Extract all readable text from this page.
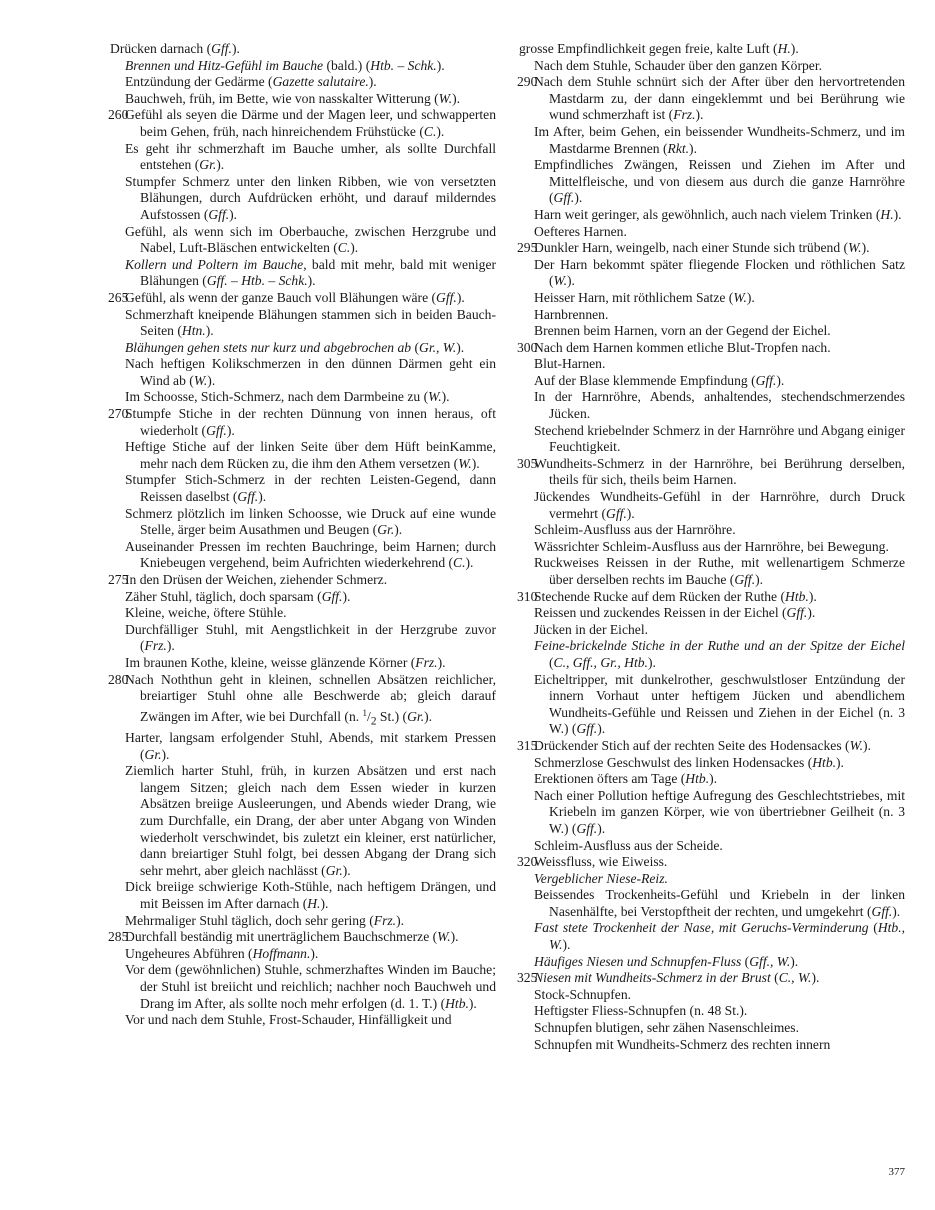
Drücken darnach (Gff.).

Brennen und Hitz-Gefühl im Bauche (bald.) (Htb. – Schk.).

Entzündung der Gedärme (Gazette salutaire.).

Bauchweh, früh, im Bette, wie von nasskalter Witterung (W.).

260
Gefühl als seyen die Därme und der Magen leer, und schwapperten beim Gehen, früh, nach hinreichendem Frühstücke (C.).

Es geht ihr schmerzhaft im Bauche umher, als sollte Durchfall entstehen (Gr.).

Stumpfer Schmerz unter den linken Ribben, wie von versetzten Blähungen, durch Aufdrücken erhöht, und darauf milderndes Aufstossen (Gff.).

Gefühl, als wenn sich im Oberbauche, zwischen Herzgrube und Nabel, Luft-Bläschen entwickelten (C.).

Kollern und Poltern im Bauche, bald mit mehr, bald mit weniger Blähungen (Gff. – Htb. – Schk.).

265
Gefühl, als wenn der ganze Bauch voll Blähungen wäre (Gff.).

Schmerzhaft kneipende Blähungen stammen sich in beiden Bauch-Seiten (Htn.).

Blähungen gehen stets nur kurz und abgebrochen ab (Gr., W.).

Nach heftigen Kolikschmerzen in den dünnen Därmen geht ein Wind ab (W.).

Im Schoosse, Stich-Schmerz, nach dem Darmbeine zu (W.).

270
Stumpfe Stiche in der rechten Dünnung von innen heraus, oft wiederholt (Gff.).

Heftige Stiche auf der linken Seite über dem Hüft beinKamme, mehr nach dem Rücken zu, die ihm den Athem versetzen (W.).

Stumpfer Stich-Schmerz in der rechten Leisten-Gegend, dann Reissen daselbst (Gff.).

Schmerz plötzlich im linken Schoosse, wie Druck auf eine wunde Stelle, ärger beim Ausathmen und Beugen (Gr.).

Auseinander Pressen im rechten Bauchringe, beim Harnen; durch Kniebeugen vergehend, beim Aufrichten wiederkehrend (C.).

275
In den Drüsen der Weichen, ziehender Schmerz.

Zäher Stuhl, täglich, doch sparsam (Gff.).

Kleine, weiche, öftere Stühle.

Durchfälliger Stuhl, mit Aengstlichkeit in der Herzgrube zuvor (Frz.).

Im braunen Kothe, kleine, weisse glänzende Körner (Frz.).

280
Nach Noththun geht in kleinen, schnellen Absätzen reichlicher, breiartiger Stuhl ohne alle Beschwerde ab; gleich darauf Zwängen im After, wie bei Durchfall (n. $^1/_2$ St.) (Gr.).

Harter, langsam erfolgender Stuhl, Abends, mit starkem Pressen (Gr.).

Ziemlich harter Stuhl, früh, in kurzen Absätzen und erst nach langem Sitzen; gleich nach dem Essen wieder in kurzen Absätzen breiige Ausleerungen, und Abends wieder Drang, wie zum Durchfalle, ein Drang, der aber unter Abgang von Winden wiederholt verschwindet, bis zuletzt ein kleiner, erst natürlicher, dann breiartiger Stuhl folgt, bei dessen Abgang der Drang sich sehr mehrt, aber gleich nachlässt (Gr.).

Dick breiige schwierige Koth-Stühle, nach heftigem Drängen, und mit Beissen im After darnach (H.).

Mehrmaliger Stuhl täglich, doch sehr gering (Frz.).

285
Durchfall beständig mit unerträglichem Bauchschmerze (W.).

Ungeheures Abführen (Hoffmann.).

Vor dem (gewöhnlichen) Stuhle, schmerzhaftes Winden im Bauche; der Stuhl ist breiicht und reichlich; nachher noch Bauchweh und Drang im After, als sollte noch mehr erfolgen (d. 1. T.) (Htb.).

Vor und nach dem Stuhle, Frost-Schauder, Hinfälligkeit und

grosse Empfindlichkeit gegen freie, kalte Luft (H.).

Nach dem Stuhle, Schauder über den ganzen Körper.

290
Nach dem Stuhle schnürt sich der After über den hervortretenden Mastdarm zu, der dann eingeklemmt und bei Berührung wie wund schmerzhaft ist (Frz.).

Im After, beim Gehen, ein beissender Wundheits-Schmerz, und im Mastdarme Brennen (Rkt.).

Empfindliches Zwängen, Reissen und Ziehen im After und Mittelfleische, und von diesem aus durch die ganze Harnröhre (Gff.).

Harn weit geringer, als gewöhnlich, auch nach vielem Trinken (H.).

Oefteres Harnen.

295
Dunkler Harn, weingelb, nach einer Stunde sich trübend (W.).

Der Harn bekommt später fliegende Flocken und röthlichen Satz (W.).

Heisser Harn, mit röthlichem Satze (W.).

Harnbrennen.

Brennen beim Harnen, vorn an der Gegend der Eichel.

300
Nach dem Harnen kommen etliche Blut-Tropfen nach.

Blut-Harnen.

Auf der Blase klemmende Empfindung (Gff.).

In der Harnröhre, Abends, anhaltendes, stechendschmerzendes Jücken.

Stechend kriebelnder Schmerz in der Harnröhre und Abgang einiger Feuchtigkeit.

305
Wundheits-Schmerz in der Harnröhre, bei Berührung derselben, theils für sich, theils beim Harnen.

Jückendes Wundheits-Gefühl in der Harnröhre, durch Druck vermehrt (Gff.).

Schleim-Ausfluss aus der Harnröhre.

Wässrichter Schleim-Ausfluss aus der Harnröhre, bei Bewegung.

Ruckweises Reissen in der Ruthe, mit wellenartigem Schmerze über derselben rechts im Bauche (Gff.).

310
Stechende Rucke auf dem Rücken der Ruthe (Htb.).

Reissen und zuckendes Reissen in der Eichel (Gff.).

Jücken in der Eichel.

Feine-brickelnde Stiche in der Ruthe und an der Spitze der Eichel (C., Gff., Gr., Htb.).

Eicheltripper, mit dunkelrother, geschwulstloser Entzündung der innern Vorhaut unter heftigem Jücken und abendlichem Wundheits-Gefühle und Reissen und Ziehen in der Eichel (n. 3 W.) (Gff.).

315
Drückender Stich auf der rechten Seite des Hodensackes (W.).

Schmerzlose Geschwulst des linken Hodensackes (Htb.).

Erektionen öfters am Tage (Htb.).

Nach einer Pollution heftige Aufregung des Geschlechtstriebes, mit Kriebeln im ganzen Körper, wie von übertriebner Geilheit (n. 3 W.) (Gff.).

Schleim-Ausfluss aus der Scheide.

320
Weissfluss, wie Eiweiss.

Vergeblicher Niese-Reiz.

Beissendes Trockenheits-Gefühl und Kriebeln in der linken Nasenhälfte, bei Verstopftheit der rechten, und umgekehrt (Gff.).

Fast stete Trockenheit der Nase, mit Geruchs-Verminderung (Htb., W.).

Häufiges Niesen und Schnupfen-Fluss (Gff., W.).

325
Niesen mit Wundheits-Schmerz in der Brust (C., W.).

Stock-Schnupfen.

Heftigster Fliess-Schnupfen (n. 48 St.).

Schnupfen blutigen, sehr zähen Nasenschleimes.

Schnupfen mit Wundheits-Schmerz des rechten innern

377
